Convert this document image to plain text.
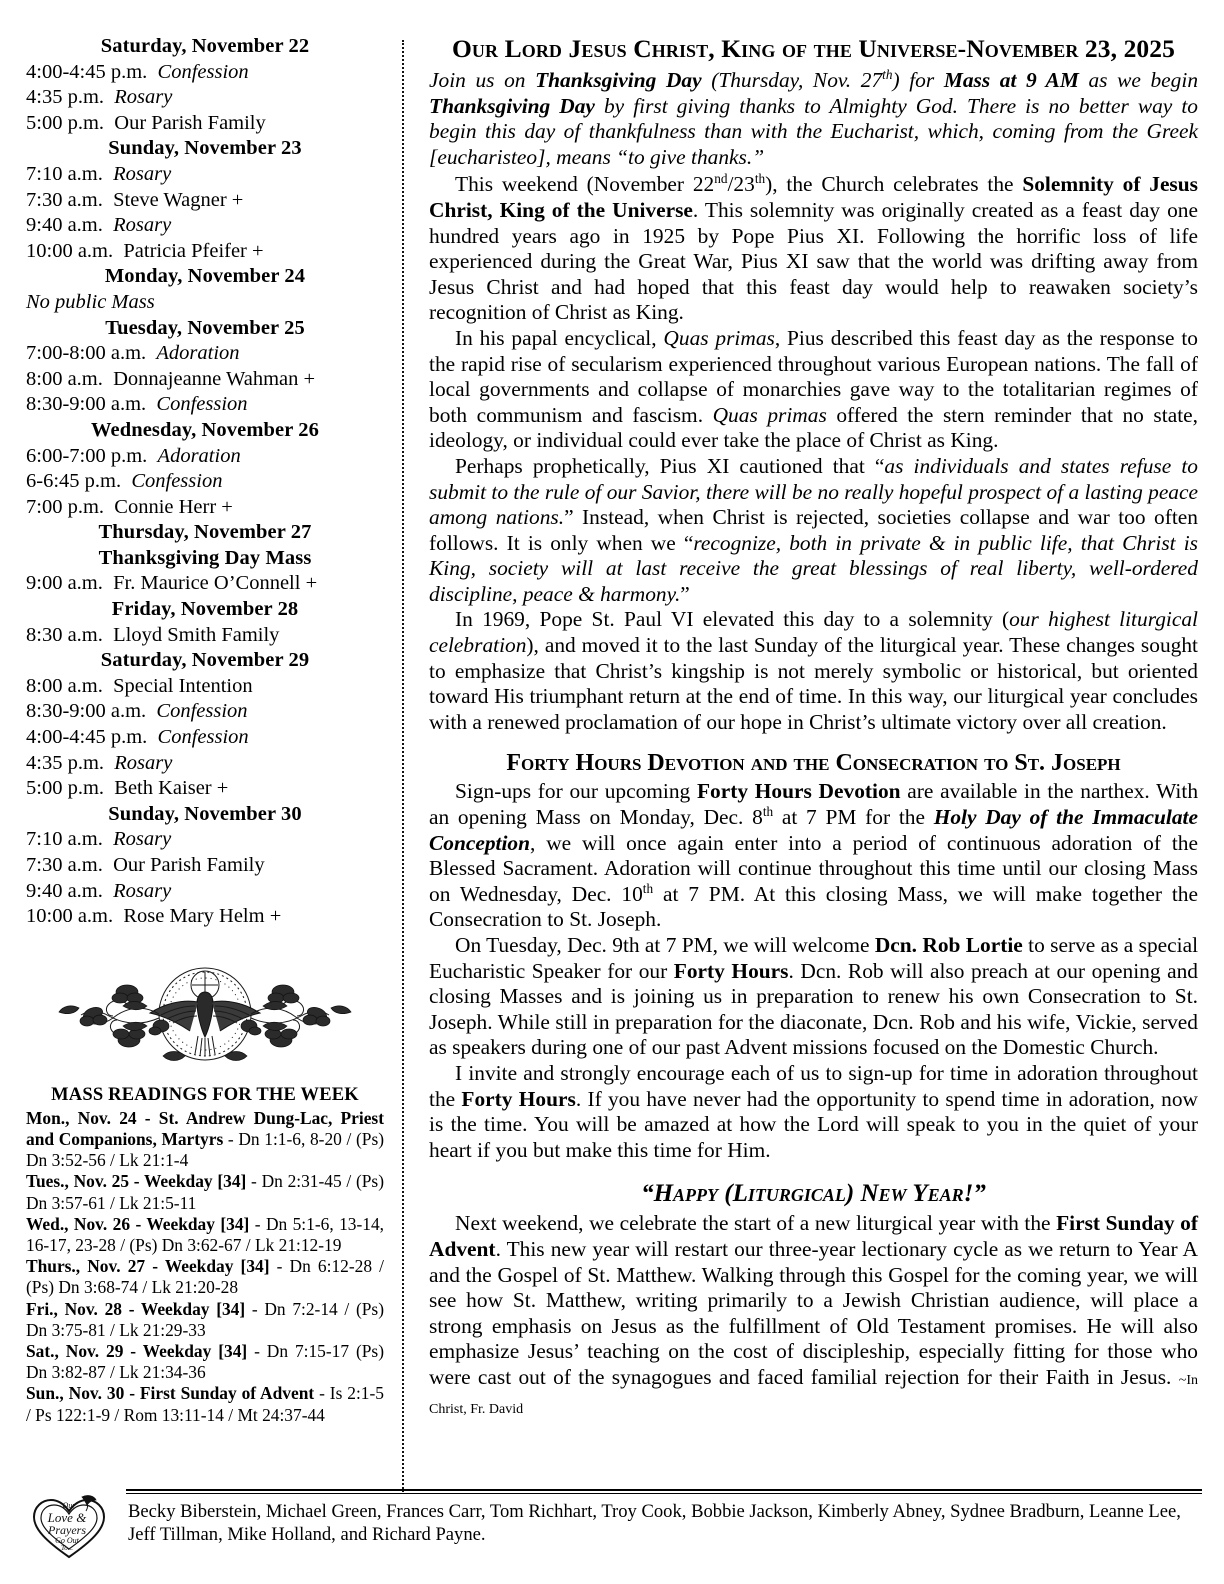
Saturday, November 22
4:00-4:45 p.m.  Confession
4:35 p.m.  Rosary
5:00 p.m.  Our Parish Family
Sunday, November 23
7:10 a.m.  Rosary
7:30 a.m.  Steve Wagner +
9:40 a.m.  Rosary
10:00 a.m.  Patricia Pfeifer +
Monday, November 24
No public Mass
Tuesday, November 25
7:00-8:00 a.m.  Adoration
8:00 a.m.  Donnajeanne Wahman +
8:30-9:00 a.m.  Confession
Wednesday, November 26
6:00-7:00 p.m.  Adoration
6-6:45 p.m.  Confession
7:00 p.m.  Connie Herr +
Thursday, November 27
Thanksgiving Day Mass
9:00 a.m.  Fr. Maurice O’Connell +
Friday, November 28
8:30 a.m.  Lloyd Smith Family
Saturday, November 29
8:00 a.m.  Special Intention
8:30-9:00 a.m.  Confession
4:00-4:45 p.m.  Confession
4:35 p.m.  Rosary
5:00 p.m.  Beth Kaiser +
Sunday, November 30
7:10 a.m.  Rosary
7:30 a.m.  Our Parish Family
9:40 a.m.  Rosary
10:00 a.m.  Rose Mary Helm +
MASS READINGS FOR THE WEEK

Mon., Nov. 24 - St. Andrew Dung-Lac, Priest and Companions, Martyrs - Dn 1:1-6, 8-20 / (Ps) Dn 3:52-56 / Lk 21:1-4

Tues., Nov. 25 - Weekday [34] - Dn 2:31-45 / (Ps) Dn 3:57-61 / Lk 21:5-11

Wed., Nov. 26 - Weekday [34] - Dn 5:1-6, 13-14, 16-17, 23-28 / (Ps) Dn 3:62-67 / Lk 21:12-19

Thurs., Nov. 27 - Weekday [34] - Dn 6:12-28 / (Ps) Dn 3:68-74 / Lk 21:20-28

Fri., Nov. 28 - Weekday [34] - Dn 7:2-14 / (Ps) Dn 3:75-81 / Lk 21:29-33

Sat., Nov. 29 - Weekday [34] - Dn 7:15-17 (Ps) Dn 3:82-87 / Lk 21:34-36

Sun., Nov. 30 - First Sunday of Advent - Is 2:1-5 / Ps 122:1-9 / Rom 13:11-14 / Mt 24:37-44

Our Lord Jesus Christ, King of the Universe-November 23, 2025

Join us on Thanksgiving Day (Thursday, Nov. 27th) for Mass at 9 AM as we begin Thanksgiving Day by first giving thanks to Almighty God. There is no better way to begin this day of thankfulness than with the Eucharist, which, coming from the Greek [eucharisteo], means “to give thanks.”

This weekend (November 22nd/23th), the Church celebrates the Solemnity of Jesus Christ, King of the Universe. This solemnity was originally created as a feast day one hundred years ago in 1925 by Pope Pius XI. Following the horrific loss of life experienced during the Great War, Pius XI saw that the world was drifting away from Jesus Christ and had hoped that this feast day would help to reawaken society’s recognition of Christ as King.

In his papal encyclical, Quas primas, Pius described this feast day as the response to the rapid rise of secularism experienced throughout various European nations. The fall of local governments and collapse of monarchies gave way to the totalitarian regimes of both communism and fascism. Quas primas offered the stern reminder that no state, ideology, or individual could ever take the place of Christ as King.

Perhaps prophetically, Pius XI cautioned that “as individuals and states refuse to submit to the rule of our Savior, there will be no really hopeful prospect of a lasting peace among nations.” Instead, when Christ is rejected, societies collapse and war too often follows. It is only when we “recognize, both in private & in public life, that Christ is King, society will at last receive the great blessings of real liberty, well-ordered discipline, peace & harmony.”

In 1969, Pope St. Paul VI elevated this day to a solemnity (our highest liturgical celebration), and moved it to the last Sunday of the liturgical year. These changes sought to emphasize that Christ’s kingship is not merely symbolic or historical, but oriented toward His triumphant return at the end of time. In this way, our liturgical year concludes with a renewed proclamation of our hope in Christ’s ultimate victory over all creation.

Forty Hours Devotion and the Consecration to St. Joseph

Sign-ups for our upcoming Forty Hours Devotion are available in the narthex. With an opening Mass on Monday, Dec. 8th at 7 PM for the Holy Day of the Immaculate Conception, we will once again enter into a period of continuous adoration of the Blessed Sacrament. Adoration will continue throughout this time until our closing Mass on Wednesday, Dec. 10th at 7 PM. At this closing Mass, we will make together the Consecration to St. Joseph.

On Tuesday, Dec. 9th at 7 PM, we will welcome Dcn. Rob Lortie to serve as a special Eucharistic Speaker for our Forty Hours. Dcn. Rob will also preach at our opening and closing Masses and is joining us in preparation to renew his own Consecration to St. Joseph. While still in preparation for the diaconate, Dcn. Rob and his wife, Vickie, served as speakers during one of our past Advent missions focused on the Domestic Church.

I invite and strongly encourage each of us to sign-up for time in adoration throughout the Forty Hours. If you have never had the opportunity to spend time in adoration, now is the time. You will be amazed at how the Lord will speak to you in the quiet of your heart if you but make this time for Him.

“Happy (Liturgical) New Year!”

Next weekend, we celebrate the start of a new liturgical year with the First Sunday of Advent. This new year will restart our three-year lectionary cycle as we return to Year A and the Gospel of St. Matthew. Walking through this Gospel for the coming year, we will see how St. Matthew, writing primarily to a Jewish Christian audience, will place a strong emphasis on Jesus as the fulfillment of Old Testament promises. He will also emphasize Jesus’ teaching on the cost of discipleship, especially fitting for those who were cast out of the synagogues and faced familial rejection for their Faith in Jesus. ~In Christ, Fr. David

Our
Love &
Prayers
Go Out
To...

Becky Biberstein, Michael Green, Frances Carr, Tom Richhart, Troy Cook, Bobbie Jackson, Kimberly Abney, Sydnee Bradburn, Leanne Lee, Jeff Tillman, Mike Holland, and Richard Payne.
